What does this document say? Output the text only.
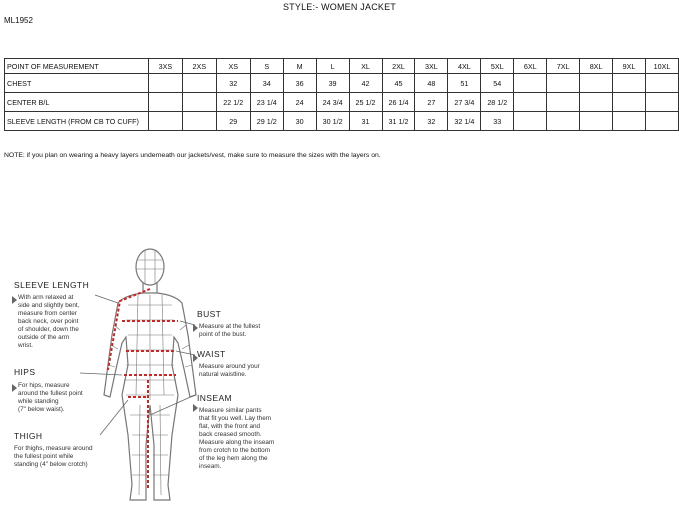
STYLE:- WOMEN JACKET
ML1952
POINT OF MEASUREMENT	3XS	2XS	XS	S	M	L	XL	2XL	3XL	4XL	5XL	6XL	7XL	8XL	9XL	10XL
CHEST			32	34	36	39	42	45	48	51	54					
CENTER B/L			22 1/2	23 1/4	24	24 3/4	25 1/2	26 1/4	27	27 3/4	28 1/2					
SLEEVE LENGTH (FROM CB TO CUFF)			29	29 1/2	30	30 1/2	31	31 1/2	32	32 1/4	33					
NOTE: if you plan on wearing a heavy layers underneath our jackets/vest, make sure to measure the sizes with the layers on.
SLEEVE LENGTH
With arm relaxed at
side and slightly bent,
measure from center
back neck, over point
of shoulder, down the
outside of the arm
wrist.
HIPS
For hips, measure
around the fullest point
while standing
(7" below waist).
THIGH
For thighs, measure around
the fullest point while
standing (4" below crotch)
BUST
Measure at the fullest
point of the bust.
WAIST
Measure around your
natural waistline.
INSEAM
Measure similar pants
that fit you well. Lay them
flat, with the front and
back creased smooth.
Measure along the inseam
from crotch to the bottom
of the leg hem along the
inseam.
